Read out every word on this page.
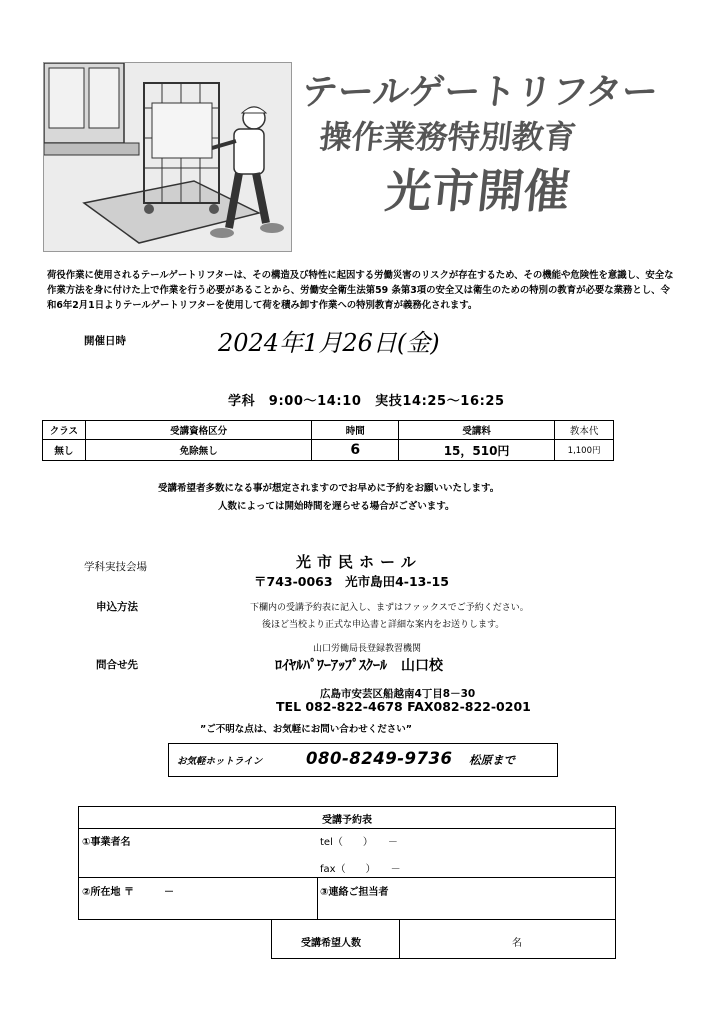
テールゲートリフター
操作業務特別教育
光市開催
荷役作業に使用されるテールゲートリフターは、その構造及び特性に起因する労働災害のリスクが存在するため、その機能や危険性を意識し、安全な作業方法を身に付けた上で作業を行う必要があることから、労働安全衛生法第59 条第3項の安全又は衛生のための特別の教育が必要な業務とし、令和6年2月1日よりテールゲートリフターを使用して荷を積み卸す作業への特別教育が義務化されます。
開催日時	2024年1月26日(金)
学科　9:00～14:10　実技14:25～16:25
クラス	受講資格区分	時間	受講料	教本代
無し	免除無し	6	15，510円	1,100円
受講希望者多数になる事が想定されますのでお早めに予約をお願いいたします。
人数によっては開始時間を遅らせる場合がございます。
学科実技会場	光市民ホール
〒743-0063　光市島田4-13-15
申込方法	下欄内の受講予約表に記入し、まずはファックスでご予約ください。
後ほど当校より正式な申込書と詳細な案内をお送りします。
問合せ先
山口労働局長登録教習機関
ﾛｲﾔﾙﾊﾟﾜｰｱｯﾌﾟｽｸｰﾙ　山口校
広島市安芸区船越南4丁目8－30
TEL 082-822-4678 FAX082-822-0201
”ご不明な点は、お気軽にお問い合わせください”
お気軽ホットライン	080-8249-9736 松原まで
受講予約表
①事業者名	tel（　　）　　－
fax（　　）　　－
②所在地 〒　　　－	③連絡ご担当者
受講希望人数	名
